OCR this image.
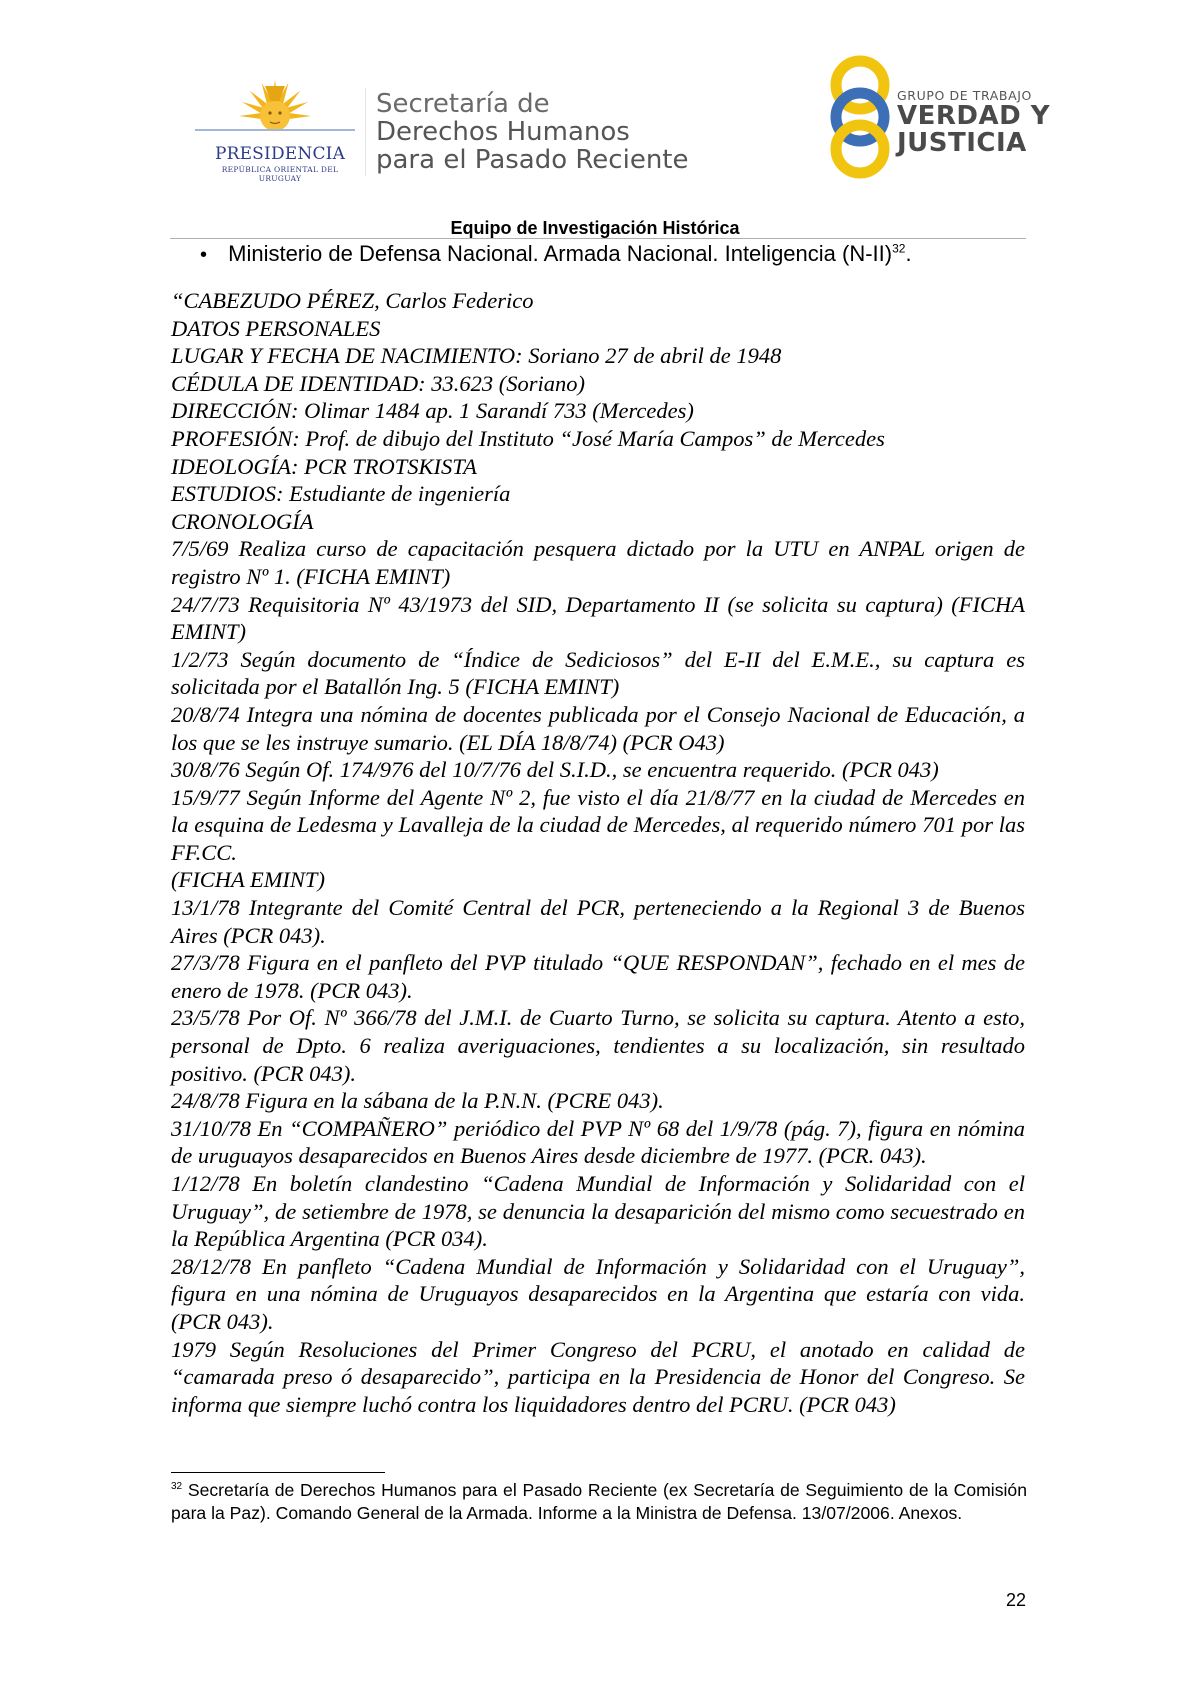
PRESIDENCIA
REPÚBLICA ORIENTAL DEL URUGUAY
Secretaría de
Derechos Humanos
para el Pasado Reciente
GRUPO DE TRABAJO
VERDAD Y
JUSTICIA
Equipo de Investigación Histórica
• Ministerio de Defensa Nacional. Armada Nacional. Inteligencia $(N-II)^{32}$.

“CABEZUDO PÉREZ, Carlos Federico

DATOS PERSONALES

LUGAR Y FECHA DE NACIMIENTO: Soriano 27 de abril de 1948

CÉDULA DE IDENTIDAD: 33.623 (Soriano)

DIRECCIÓN: Olimar 1484 ap. 1 Sarandí 733 (Mercedes)

PROFESIÓN: Prof. de dibujo del Instituto “José María Campos” de Mercedes

IDEOLOGÍA: PCR TROTSKISTA

ESTUDIOS: Estudiante de ingeniería

CRONOLOGÍA

7/5/69 Realiza curso de capacitación pesquera dictado por la UTU en ANPAL origen de registro Nº 1. (FICHA EMINT)

24/7/73 Requisitoria Nº 43/1973 del SID, Departamento II (se solicita su captura) (FICHA EMINT)

1/2/73 Según documento de “Índice de Sediciosos” del E-II del E.M.E., su captura es solicitada por el Batallón Ing. 5 (FICHA EMINT)

20/8/74 Integra una nómina de docentes publicada por el Consejo Nacional de Educación, a los que se les instruye sumario. (EL DÍA 18/8/74) (PCR O43)

30/8/76 Según Of. 174/976 del 10/7/76 del S.I.D., se encuentra requerido. (PCR 043)

15/9/77 Según Informe del Agente Nº 2, fue visto el día 21/8/77 en la ciudad de Mercedes en la esquina de Ledesma y Lavalleja de la ciudad de Mercedes, al requerido número 701 por las FF.CC.

(FICHA EMINT)

13/1/78 Integrante del Comité Central del PCR, perteneciendo a la Regional 3 de Buenos Aires (PCR 043).

27/3/78 Figura en el panfleto del PVP titulado “QUE RESPONDAN”, fechado en el mes de enero de 1978. (PCR 043).

23/5/78 Por Of. Nº 366/78 del J.M.I. de Cuarto Turno, se solicita su captura. Atento a esto, personal de Dpto. 6 realiza averiguaciones, tendientes a su localización, sin resultado positivo. (PCR 043).

24/8/78 Figura en la sábana de la P.N.N. (PCRE 043).

31/10/78 En “COMPAÑERO” periódico del PVP Nº 68 del 1/9/78 (pág. 7), figura en nómina de uruguayos desaparecidos en Buenos Aires desde diciembre de 1977. (PCR. 043).

1/12/78 En boletín clandestino “Cadena Mundial de Información y Solidaridad con el Uruguay”, de setiembre de 1978, se denuncia la desaparición del mismo como secuestrado en la República Argentina (PCR 034).

28/12/78 En panfleto “Cadena Mundial de Información y Solidaridad con el Uruguay”, figura en una nómina de Uruguayos desaparecidos en la Argentina que estaría con vida. (PCR 043).

1979 Según Resoluciones del Primer Congreso del PCRU, el anotado en calidad de “camarada preso ó desaparecido”, participa en la Presidencia de Honor del Congreso. Se informa que siempre luchó contra los liquidadores dentro del PCRU. (PCR 043)

$^{32}$ Secretaría de Derechos Humanos para el Pasado Reciente (ex Secretaría de Seguimiento de la Comisión para la Paz). Comando General de la Armada. Informe a la Ministra de Defensa. 13/07/2006. Anexos.
22
